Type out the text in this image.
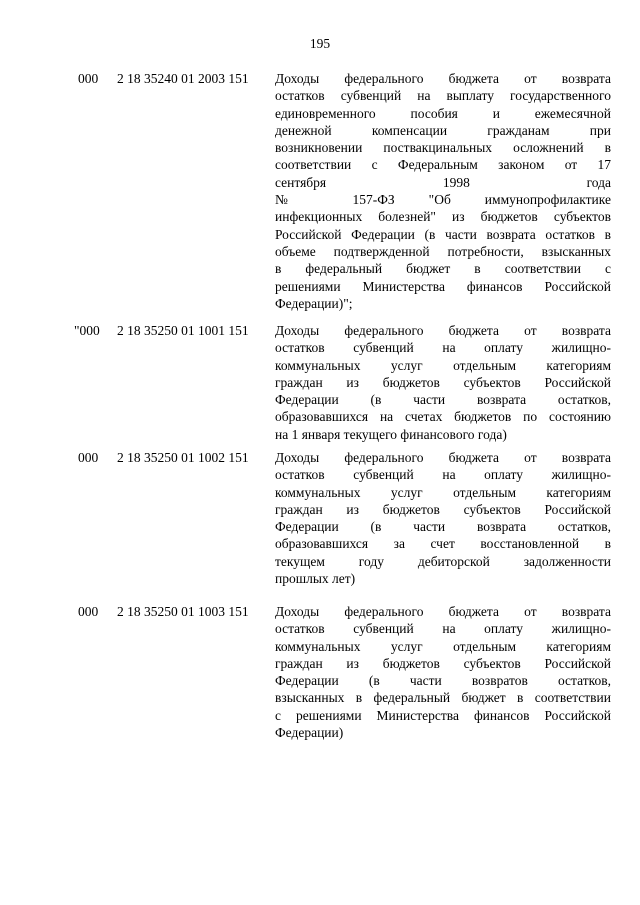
195
000 2 18 35240 01 2003 151 Доходы федерального бюджета от возврата
остатков субвенций на выплату государственного
единовременного пособия и ежемесячной
денежной компенсации гражданам при
возникновении поствакцинальных осложнений в
соответствии с Федеральным законом от 17
сентября 1998 года
№ 157-ФЗ "Об иммунопрофилактике
инфекционных болезней" из бюджетов субъектов
Российской Федерации (в части возврата остатков в
объеме подтвержденной потребности, взысканных
в федеральный бюджет в соответствии с
решениями Министерства финансов Российской
Федерации)";
"000 2 18 35250 01 1001 151 Доходы федерального бюджета от возврата
остатков субвенций на оплату жилищно-
коммунальных услуг отдельным категориям
граждан из бюджетов субъектов Российской
Федерации (в части возврата остатков,
образовавшихся на счетах бюджетов по состоянию
на 1 января текущего финансового года)
000 2 18 35250 01 1002 151 Доходы федерального бюджета от возврата
остатков субвенций на оплату жилищно-
коммунальных услуг отдельным категориям
граждан из бюджетов субъектов Российской
Федерации (в части возврата остатков,
образовавшихся за счет восстановленной в
текущем году дебиторской задолженности
прошлых лет)
000 2 18 35250 01 1003 151 Доходы федерального бюджета от возврата
остатков субвенций на оплату жилищно-
коммунальных услуг отдельным категориям
граждан из бюджетов субъектов Российской
Федерации (в части возвратов остатков,
взысканных в федеральный бюджет в соответствии
с решениями Министерства финансов Российской
Федерации)
